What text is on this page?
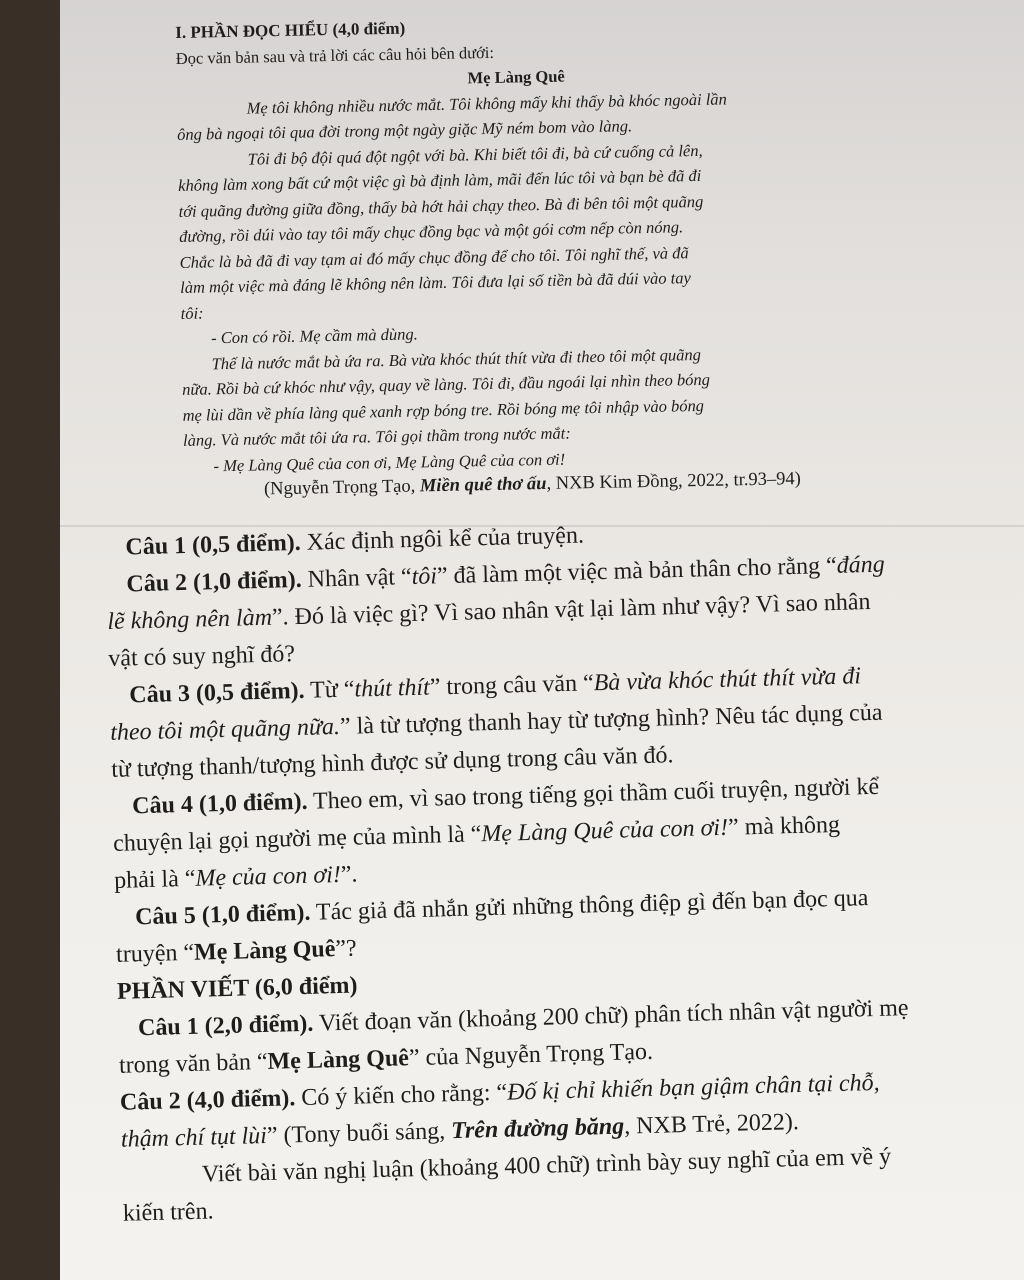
I. PHẦN ĐỌC HIỂU (4,0 điểm)
Đọc văn bản sau và trả lời các câu hỏi bên dưới:
Mẹ Làng Quê
Mẹ tôi không nhiều nước mắt. Tôi không mấy khi thấy bà khóc ngoài lần
ông bà ngoại tôi qua đời trong một ngày giặc Mỹ ném bom vào làng.
Tôi đi bộ đội quá đột ngột với bà. Khi biết tôi đi, bà cứ cuống cả lên,
không làm xong bất cứ một việc gì bà định làm, mãi đến lúc tôi và bạn bè đã đi
tới quãng đường giữa đồng, thấy bà hớt hải chạy theo. Bà đi bên tôi một quãng
đường, rồi dúi vào tay tôi mấy chục đồng bạc và một gói cơm nếp còn nóng.
Chắc là bà đã đi vay tạm ai đó mấy chục đồng để cho tôi. Tôi nghĩ thế, và đã
làm một việc mà đáng lẽ không nên làm. Tôi đưa lại số tiền bà đã dúi vào tay
tôi:
- Con có rồi. Mẹ cầm mà dùng.
Thế là nước mắt bà ứa ra. Bà vừa khóc thút thít vừa đi theo tôi một quãng
nữa. Rồi bà cứ khóc như vậy, quay về làng. Tôi đi, đầu ngoái lại nhìn theo bóng
mẹ lùi dần về phía làng quê xanh rợp bóng tre. Rồi bóng mẹ tôi nhập vào bóng
làng. Và nước mắt tôi ứa ra. Tôi gọi thầm trong nước mắt:
- Mẹ Làng Quê của con ơi, Mẹ Làng Quê của con ơi!
(Nguyễn Trọng Tạo, Miền quê thơ ấu, NXB Kim Đồng, 2022, tr.93–94)
Câu 1 (0,5 điểm). Xác định ngôi kể của truyện.
Câu 2 (1,0 điểm). Nhân vật “tôi” đã làm một việc mà bản thân cho rằng “đáng
lẽ không nên làm”. Đó là việc gì? Vì sao nhân vật lại làm như vậy? Vì sao nhân
vật có suy nghĩ đó?
Câu 3 (0,5 điểm). Từ “thút thít” trong câu văn “Bà vừa khóc thút thít vừa đi
theo tôi một quãng nữa.” là từ tượng thanh hay từ tượng hình? Nêu tác dụng của
từ tượng thanh/tượng hình được sử dụng trong câu văn đó.
Câu 4 (1,0 điểm). Theo em, vì sao trong tiếng gọi thầm cuối truyện, người kể
chuyện lại gọi người mẹ của mình là “Mẹ Làng Quê của con ơi!” mà không
phải là “Mẹ của con ơi!”.
Câu 5 (1,0 điểm). Tác giả đã nhắn gửi những thông điệp gì đến bạn đọc qua
truyện “Mẹ Làng Quê”?
PHẦN VIẾT (6,0 điểm)
Câu 1 (2,0 điểm). Viết đoạn văn (khoảng 200 chữ) phân tích nhân vật người mẹ
trong văn bản “Mẹ Làng Quê” của Nguyễn Trọng Tạo.
Câu 2 (4,0 điểm). Có ý kiến cho rằng: “Đố kị chỉ khiến bạn giậm chân tại chỗ,
thậm chí tụt lùi” (Tony buổi sáng, Trên đường băng, NXB Trẻ, 2022).
Viết bài văn nghị luận (khoảng 400 chữ) trình bày suy nghĩ của em về ý
kiến trên.
